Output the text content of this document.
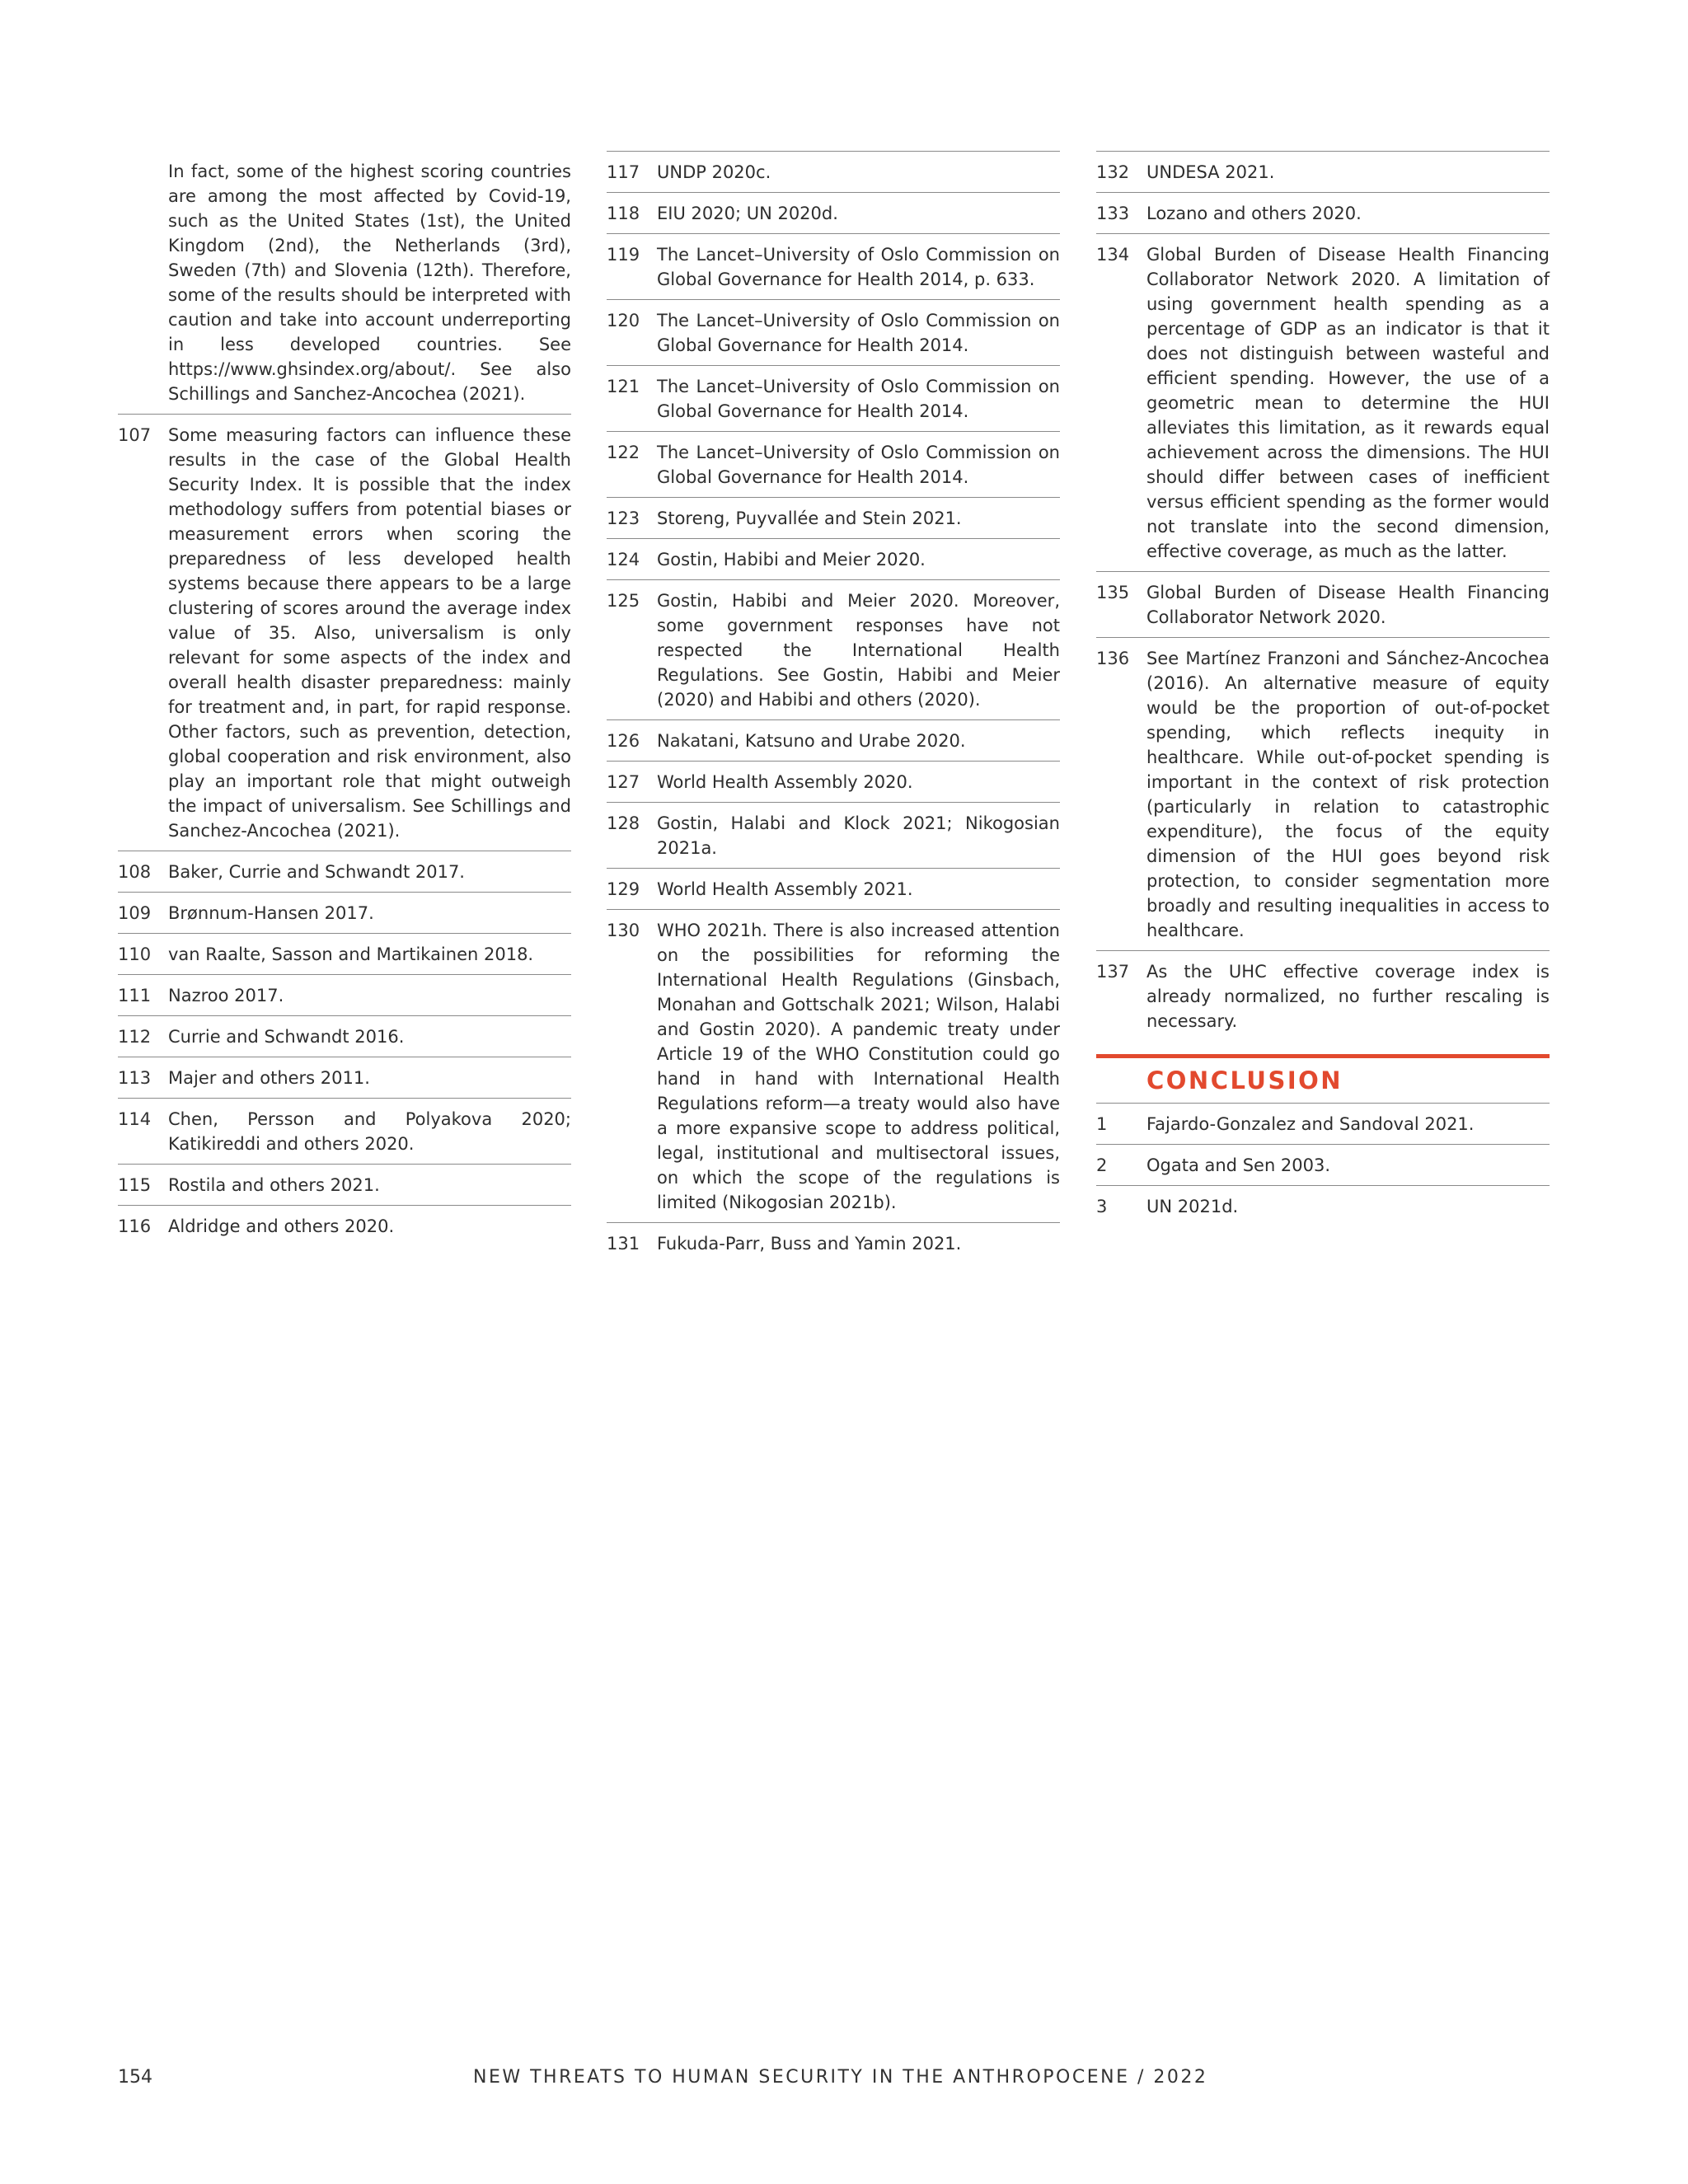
In fact, some of the highest scoring countries are among the most affected by Covid-19, such as the United States (1st), the United Kingdom (2nd), the Netherlands (3rd), Sweden (7th) and Slovenia (12th). Therefore, some of the results should be interpreted with caution and take into account underreporting in less developed countries. See https://www.ghsindex.org/about/. See also Schillings and Sanchez-Ancochea (2021).
107 Some measuring factors can influence these results in the case of the Global Health Security Index. It is possible that the index methodology suffers from potential biases or measurement errors when scoring the preparedness of less developed health systems because there appears to be a large clustering of scores around the average index value of 35. Also, universalism is only relevant for some aspects of the index and overall health disaster preparedness: mainly for treatment and, in part, for rapid response. Other factors, such as prevention, detection, global cooperation and risk environment, also play an important role that might outweigh the impact of universalism. See Schillings and Sanchez-Ancochea (2021).
108 Baker, Currie and Schwandt 2017.
109 Brønnum-Hansen 2017.
110 van Raalte, Sasson and Martikainen 2018.
111 Nazroo 2017.
112 Currie and Schwandt 2016.
113 Majer and others 2011.
114 Chen, Persson and Polyakova 2020; Katikireddi and others 2020.
115 Rostila and others 2021.
116 Aldridge and others 2020.
117 UNDP 2020c.
118 EIU 2020; UN 2020d.
119 The Lancet–University of Oslo Commission on Global Governance for Health 2014, p. 633.
120 The Lancet–University of Oslo Commission on Global Governance for Health 2014.
121 The Lancet–University of Oslo Commission on Global Governance for Health 2014.
122 The Lancet–University of Oslo Commission on Global Governance for Health 2014.
123 Storeng, Puyvallée and Stein 2021.
124 Gostin, Habibi and Meier 2020.
125 Gostin, Habibi and Meier 2020. Moreover, some government responses have not respected the International Health Regulations. See Gostin, Habibi and Meier (2020) and Habibi and others (2020).
126 Nakatani, Katsuno and Urabe 2020.
127 World Health Assembly 2020.
128 Gostin, Halabi and Klock 2021; Nikogosian 2021a.
129 World Health Assembly 2021.
130 WHO 2021h. There is also increased attention on the possibilities for reforming the International Health Regulations (Ginsbach, Monahan and Gottschalk 2021; Wilson, Halabi and Gostin 2020). A pandemic treaty under Article 19 of the WHO Constitution could go hand in hand with International Health Regulations reform—a treaty would also have a more expansive scope to address political, legal, institutional and multisectoral issues, on which the scope of the regulations is limited (Nikogosian 2021b).
131 Fukuda-Parr, Buss and Yamin 2021.
132 UNDESA 2021.
133 Lozano and others 2020.
134 Global Burden of Disease Health Financing Collaborator Network 2020. A limitation of using government health spending as a percentage of GDP as an indicator is that it does not distinguish between wasteful and efficient spending. However, the use of a geometric mean to determine the HUI alleviates this limitation, as it rewards equal achievement across the dimensions. The HUI should differ between cases of inefficient versus efficient spending as the former would not translate into the second dimension, effective coverage, as much as the latter.
135 Global Burden of Disease Health Financing Collaborator Network 2020.
136 See Martínez Franzoni and Sánchez-Ancochea (2016). An alternative measure of equity would be the proportion of out-of-pocket spending, which reflects inequity in healthcare. While out-of-pocket spending is important in the context of risk protection (particularly in relation to catastrophic expenditure), the focus of the equity dimension of the HUI goes beyond risk protection, to consider segmentation more broadly and resulting inequalities in access to healthcare.
137 As the UHC effective coverage index is already normalized, no further rescaling is necessary.
CONCLUSION
1	Fajardo-Gonzalez and Sandoval 2021.
2	Ogata and Sen 2003.
3	UN 2021d.
154	NEW THREATS TO HUMAN SECURITY IN THE ANTHROPOCENE / 2022
